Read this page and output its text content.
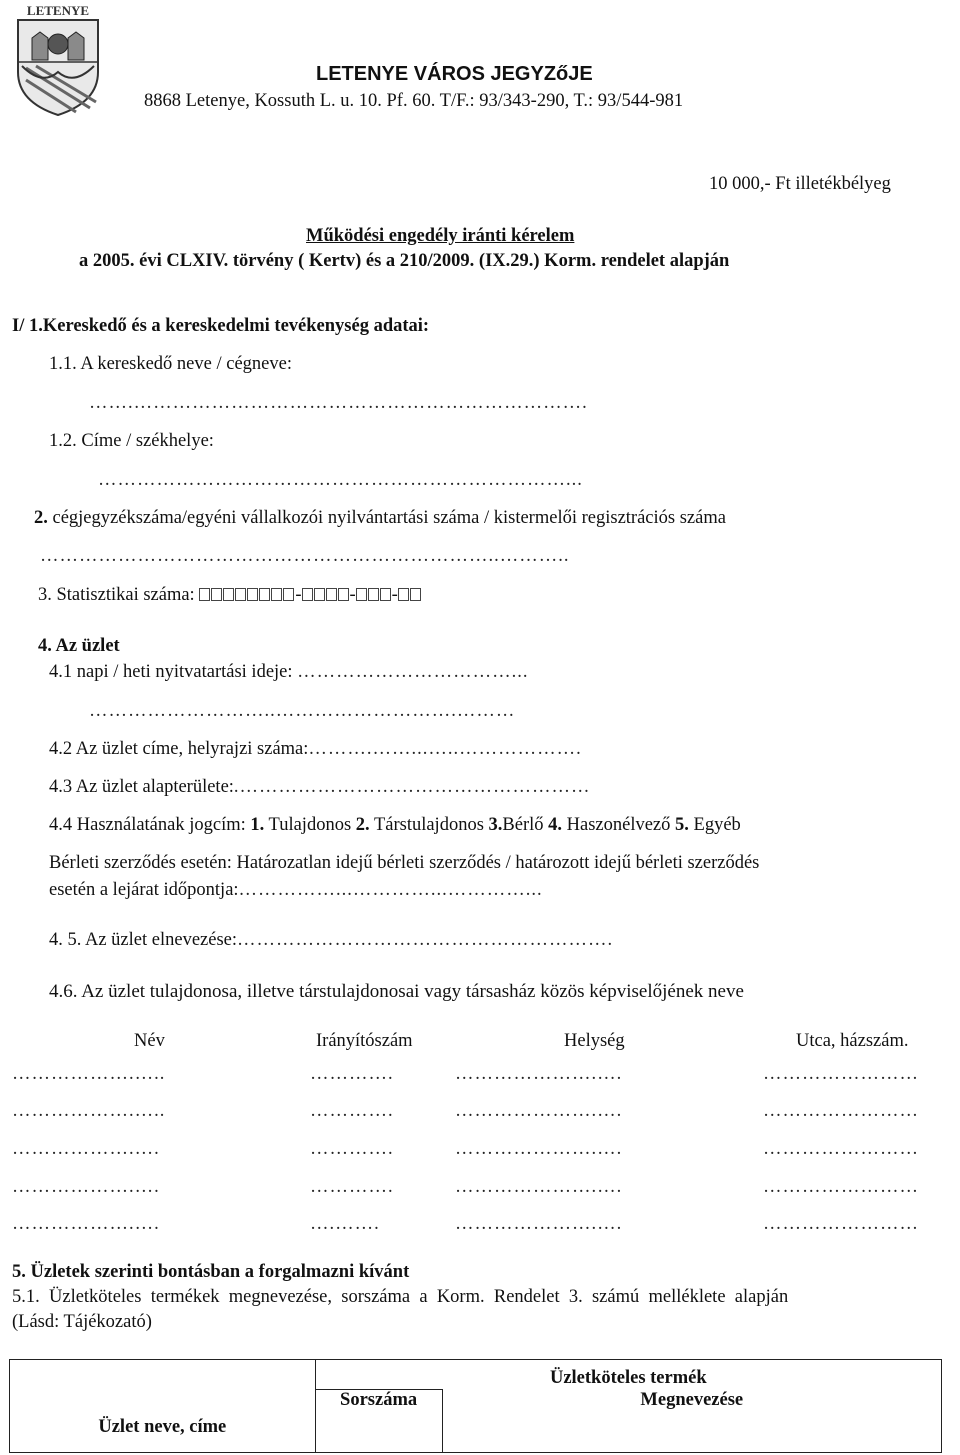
LETENYE
LETENYE VÁROS JEGYZőJE
8868 Letenye, Kossuth L. u. 10. Pf. 60. T/F.: 93/343-290, T.: 93/544-981
10 000,- Ft illetékbélyeg
Működési engedély iránti kérelem
a 2005. évi CLXIV. törvény ( Kertv) és a 210/2009. (IX.29.) Korm. rendelet alapján
I/ 1.Kereskedő és a kereskedelmi tevékenység adatai:
1.1. A kereskedő neve / cégneve:
…….…………………………………………………………….
1.2. Címe / székhelye:
………………………………………………………………...
2. cégjegyzékszáma/egyéni vállalkozói nyilvántartási száma / kistermelői regisztrációs száma
……………………………………………………………..………..
3. Statisztikai száma:	-	- -
4. Az üzlet
4.1 napi / heti nyitvatartási ideje: ……………………………...
………………………..……………………….………
4.2 Az üzlet címe, helyrajzi száma:……….……...…..……………….
4.3 Az üzlet alapterülete:.………………………………………………
4.4 Használatának jogcím: 1. Tulajdonos 2. Társtulajdonos 3.Bérlő 4. Haszonélvező 5. Egyéb
Bérleti szerződés esetén: Határozatlan idejű bérleti szerződés / határozott idejű bérleti szerződés
esetén a lejárat időpontja:……………...…………...…………...
4. 5. Az üzlet elnevezése:………………………………………………….
4.6. Az üzlet tulajdonosa, illetve társtulajdonosai vagy társasház közös képviselőjének neve
Név	Irányítószám	Helység	Utca, házszám.
……………….…..	………….	………………….….	……………………
……………….…..	………….	………………….….	……………………
……………….….	………….	………………….….	……………………
……………….….	………….	………………….….	……………………
……………….….	….…….	………………….….	……………………
5. Üzletek szerinti bontásban a forgalmazni kívánt
5.1.  Üzletköteles  termékek  megnevezése,  sorszáma  a  Korm.  Rendelet  3.  számú  melléklete  alapján
(Lásd: Tájékozató)
Üzlet neve, címe	Üzletköteles termék	
	Sorszáma	Megnevezése
